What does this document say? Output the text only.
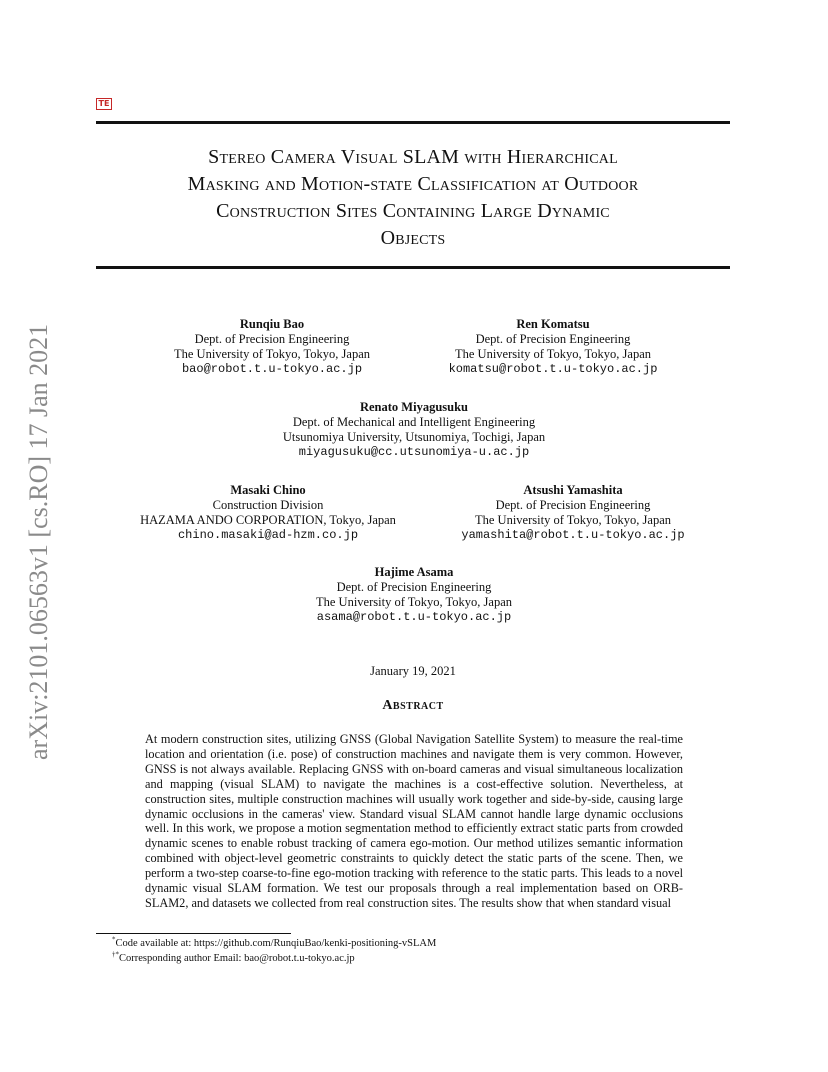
arXiv:2101.06563v1 [cs.RO] 17 Jan 2021
TE
Stereo Camera Visual SLAM with Hierarchical
Masking and Motion-state Classification at Outdoor
Construction Sites Containing Large Dynamic
Objects
Runqiu Bao
Dept. of Precision Engineering
The University of Tokyo, Tokyo, Japan
bao@robot.t.u-tokyo.ac.jp
Ren Komatsu
Dept. of Precision Engineering
The University of Tokyo, Tokyo, Japan
komatsu@robot.t.u-tokyo.ac.jp
Renato Miyagusuku
Dept. of Mechanical and Intelligent Engineering
Utsunomiya University, Utsunomiya, Tochigi, Japan
miyagusuku@cc.utsunomiya-u.ac.jp
Masaki Chino
Construction Division
HAZAMA ANDO CORPORATION, Tokyo, Japan
chino.masaki@ad-hzm.co.jp
Atsushi Yamashita
Dept. of Precision Engineering
The University of Tokyo, Tokyo, Japan
yamashita@robot.t.u-tokyo.ac.jp
Hajime Asama
Dept. of Precision Engineering
The University of Tokyo, Tokyo, Japan
asama@robot.t.u-tokyo.ac.jp
January 19, 2021
Abstract
At modern construction sites, utilizing GNSS (Global Navigation Satellite System) to measure the real-time location and orientation (i.e. pose) of construction machines and navigate them is very common. However, GNSS is not always available. Replacing GNSS with on-board cameras and visual simultaneous localization and mapping (visual SLAM) to navigate the machines is a cost-effective solution. Nevertheless, at construction sites, multiple construction machines will usually work together and side-by-side, causing large dynamic occlusions in the cameras' view. Standard visual SLAM cannot handle large dynamic occlusions well. In this work, we propose a motion segmentation method to efficiently extract static parts from crowded dynamic scenes to enable robust tracking of camera ego-motion. Our method utilizes semantic information combined with object-level geometric constraints to quickly detect the static parts of the scene. Then, we perform a two-step coarse-to-fine ego-motion tracking with reference to the static parts. This leads to a novel dynamic visual SLAM formation. We test our proposals through a real implementation based on ORB-SLAM2, and datasets we collected from real construction sites. The results show that when standard visual
*Code available at: https://github.com/RunqiuBao/kenki-positioning-vSLAM
†*Corresponding author Email: bao@robot.t.u-tokyo.ac.jp
